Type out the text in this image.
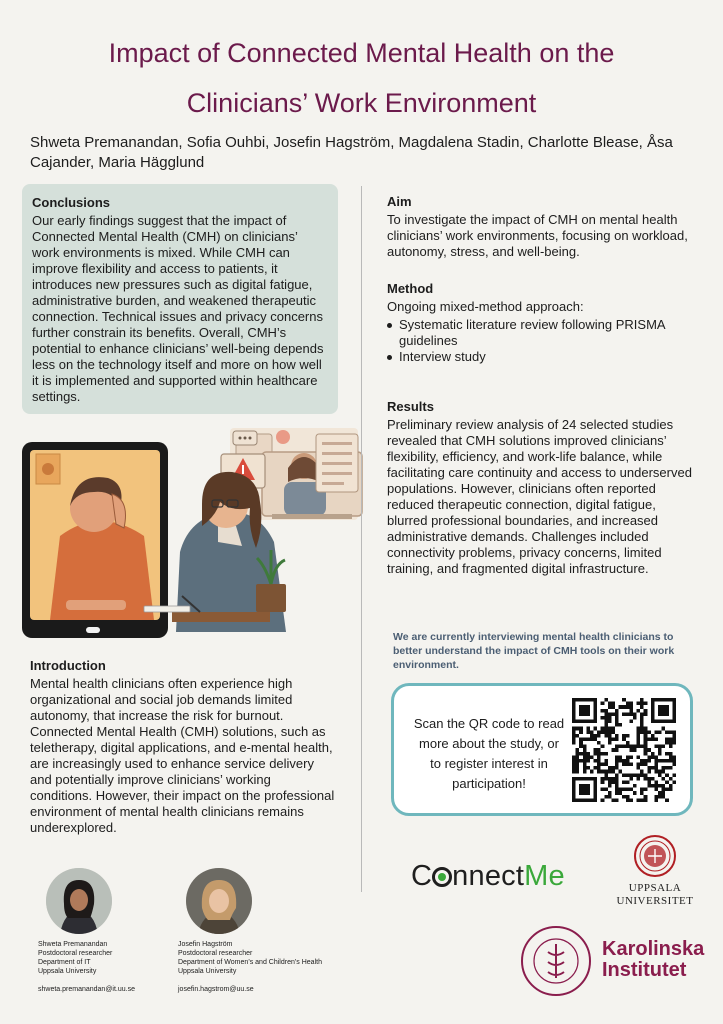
Impact of Connected Mental Health on the
Clinicians’ Work Environment
Shweta Premanandan, Sofia Ouhbi, Josefin Hagström, Magdalena Stadin, Charlotte Blease, Åsa Cajander, Maria Hägglund
Conclusions
Our early findings suggest that the impact of Connected Mental Health (CMH) on clinicians’ work environments is mixed. While CMH can improve flexibility and access to patients, it introduces new pressures such as digital fatigue, administrative burden, and weakened therapeutic connection. Technical issues and privacy concerns further constrain its benefits. Overall, CMH’s potential to enhance clinicians’ well-being depends less on the technology itself and more on how well it is implemented and supported within healthcare settings.
Introduction
Mental health clinicians often experience high organizational and social job demands limited autonomy, that increase the risk for burnout. Connected Mental Health (CMH) solutions, such as teletherapy, digital applications, and e-mental health, are increasingly used to enhance service delivery and potentially improve clinicians’ working conditions. However, their impact on the professional environment of mental health clinicians remains underexplored.
Aim
To investigate the impact of CMH on mental health clinicians’ work environments, focusing on workload, autonomy, stress, and well-being.
Method
Ongoing mixed-method approach:
Systematic literature review following PRISMA guidelines
Interview study
Results
Preliminary review analysis of 24 selected studies revealed that CMH solutions improved clinicians’ flexibility, efficiency, and work-life balance, while facilitating care continuity and access to underserved populations. However, clinicians often reported reduced therapeutic connection, digital fatigue, blurred professional boundaries, and increased administrative demands. Challenges included connectivity problems, privacy concerns, limited training, and fragmented digital infrastructure.
We are currently interviewing mental health clinicians to better understand the impact of CMH tools on their work environment.
Scan the QR code to read more about the study, or to register interest in participation!
Shweta Premanandan
Postdoctoral researcher
Department of IT
Uppsala University
shweta.premanandan@it.uu.se
Josefin Hagström
Postdoctoral researcher
Department of Women’s and Children’s Health
Uppsala University
josefin.hagstrom@uu.se
C nnectMe	UPPSALA
UNIVERSITET
Karolinska
Institutet
